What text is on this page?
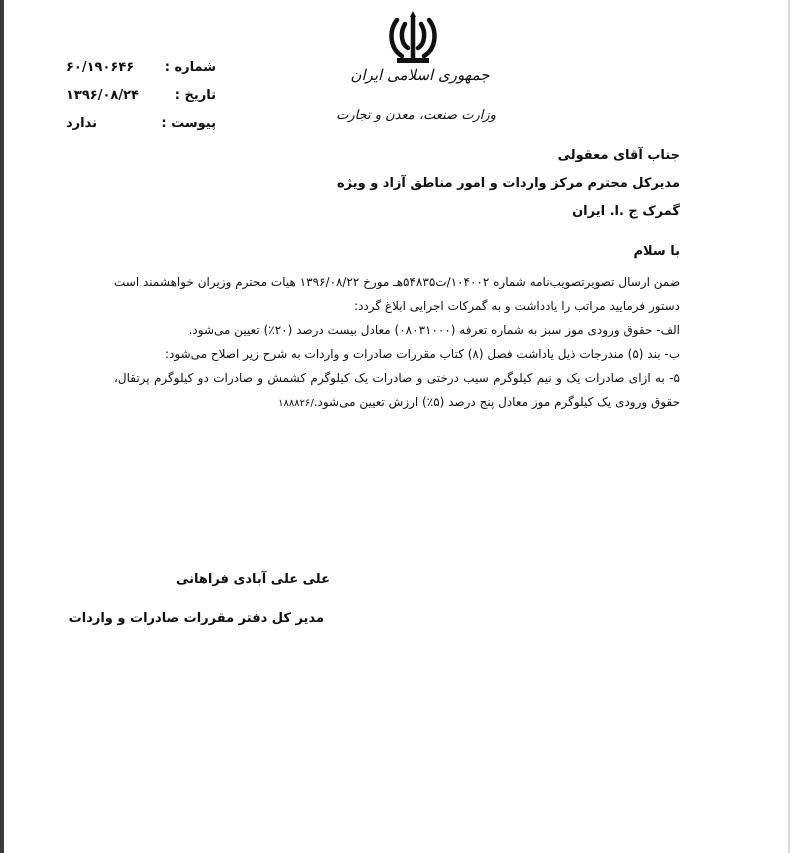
جمهوری اسلامی ایران
وزارت صنعت، معدن و تجارت
شماره :
۶۰/۱۹۰۶۴۶
تاریخ :
۱۳۹۶/۰۸/۲۴
پیوست :
ندارد
جناب آقای معقولی
مدیرکل محترم مرکز واردات و امور مناطق آزاد و ویژه
گمرک ج .ا. ایران
با سلام

ضمن ارسال تصویرتصویب‌نامه شماره ۱۰۴۰۰۲/ت۵۴۸۳۵هـ مورخ ۱۳۹۶/۰۸/۲۲ هیات محترم وزیران خواهشمند است دستور فرمایید مراتب را یادداشت و به گمرکات اجرایی ابلاغ گردد:

الف- حقوق ورودی موز سبز به شماره تعرفه (۰۸۰۳۱۰۰۰) معادل بیست درصد (۲۰٪) تعیین می‌شود.

ب- بند (۵) مندرجات ذیل یاداشت فصل (۸) کتاب مقررات صادرات و واردات به شرح زیر اصلاح می‌شود:

۵- به ازای صادرات یک و نیم کیلوگرم سیب درختی و صادرات یک کیلوگرم کشمش و صادرات دو کیلوگرم پرتقال، حقوق ورودی یک کیلوگرم موز معادل پنج درصد (۵٪) ارزش تعیین می‌شود./۱۸۸۸۲۶

علی علی آبادی فراهانی
مدیر کل دفتر مقررات صادرات و واردات
